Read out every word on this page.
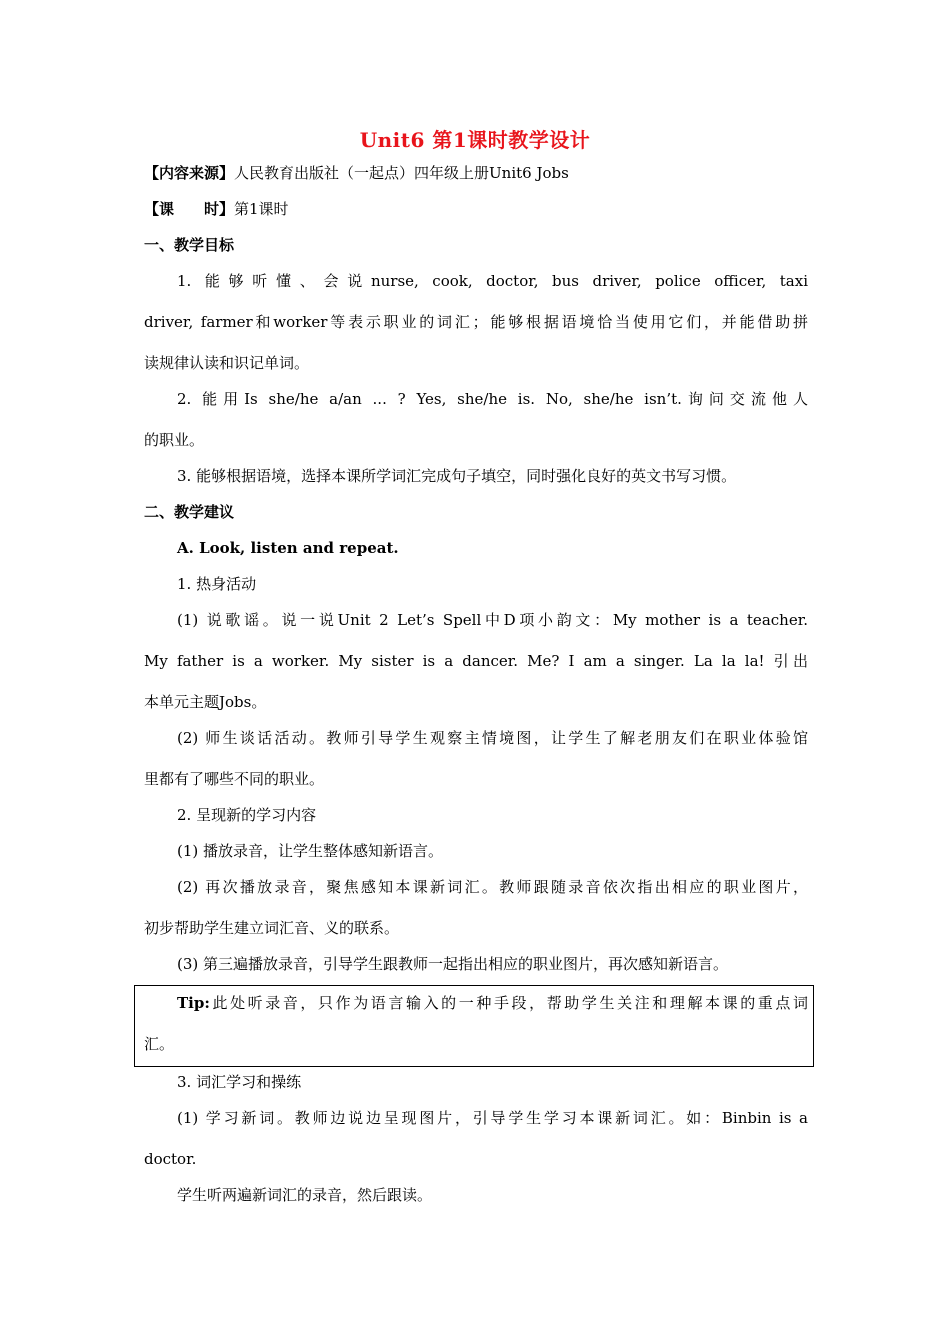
Unit6 第1课时教学设计
【内容来源】人民教育出版社（一起点）四年级上册Unit6 Jobs
【课　　时】第1课时
一、教学目标
1. 能够听懂、会说nurse, cook, doctor, bus driver, police officer, taxi
driver, farmer和worker等表示职业的词汇；能够根据语境恰当使用它们，并能借助拼
读规律认读和识记单词。
2. 能用Is she/he a/an ... ? Yes, she/he is. No, she/he isn’t.询问交流他人
的职业。
3. 能够根据语境，选择本课所学词汇完成句子填空，同时强化良好的英文书写习惯。
二、教学建议
A. Look, listen and repeat.
1. 热身活动
(1) 说歌谣。说一说Unit 2 Let’s Spell中D项小韵文：My mother is a teacher.
My father is a worker. My sister is a dancer. Me? I am a singer. La la la! 引出
本单元主题Jobs。
(2) 师生谈话活动。教师引导学生观察主情境图，让学生了解老朋友们在职业体验馆
里都有了哪些不同的职业。
2. 呈现新的学习内容
(1) 播放录音，让学生整体感知新语言。
(2) 再次播放录音，聚焦感知本课新词汇。教师跟随录音依次指出相应的职业图片，
初步帮助学生建立词汇音、义的联系。
(3) 第三遍播放录音，引导学生跟教师一起指出相应的职业图片，再次感知新语言。
Tip:此处听录音，只作为语言输入的一种手段，帮助学生关注和理解本课的重点词
汇。
3. 词汇学习和操练
(1) 学习新词。教师边说边呈现图片，引导学生学习本课新词汇。如：Binbin is a
doctor.
学生听两遍新词汇的录音，然后跟读。
